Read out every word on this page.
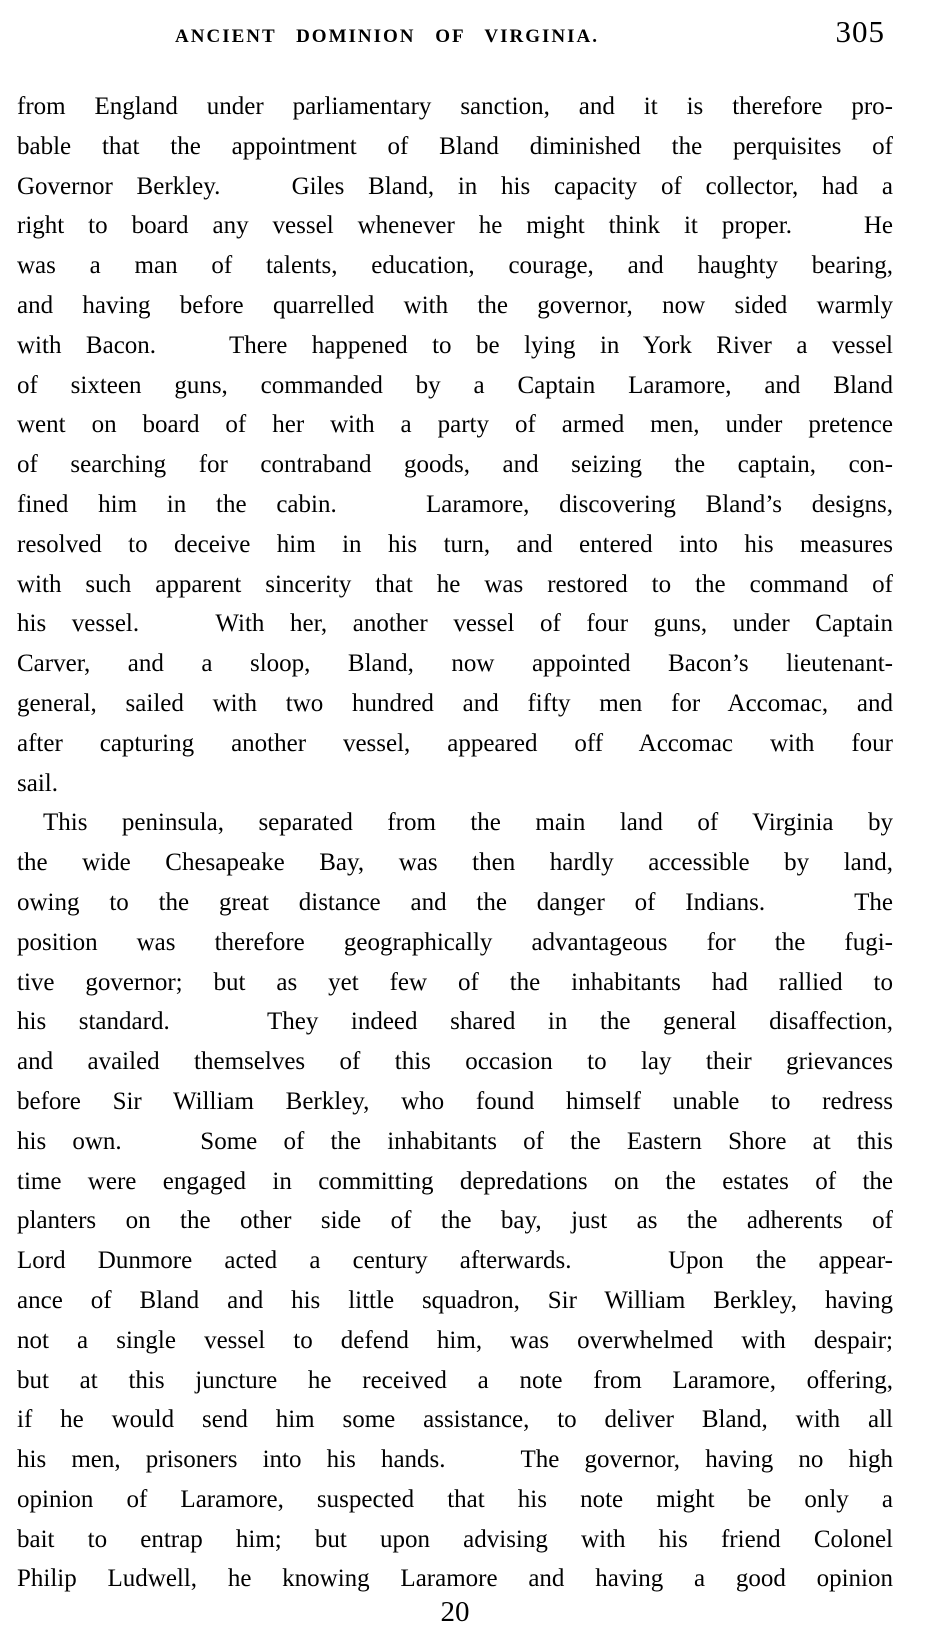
ANCIENT DOMINION OF VIRGINIA.	305
from England under parliamentary sanction, and it is therefore pro-
bable that the appointment of Bland diminished the perquisites of
Governor Berkley.   Giles Bland, in his capacity of collector, had a
right to board any vessel whenever he might think it proper.   He
was a man of talents, education, courage, and haughty bearing,
and having before quarrelled with the governor, now sided warmly
with Bacon.   There happened to be lying in York River a vessel
of sixteen guns, commanded by a Captain Laramore, and Bland
went on board of her with a party of armed men, under pretence
of searching for contraband goods, and seizing the captain, con-
fined him in the cabin.   Laramore, discovering Bland’s designs,
resolved to deceive him in his turn, and entered into his measures
with such apparent sincerity that he was restored to the command of
his vessel.   With her, another vessel of four guns, under Captain
Carver, and a sloop, Bland, now appointed Bacon’s lieutenant-
general, sailed with two hundred and fifty men for Accomac, and
after capturing another vessel, appeared off Accomac with four
sail.
This peninsula, separated from the main land of Virginia by
the wide Chesapeake Bay, was then hardly accessible by land,
owing to the great distance and the danger of Indians.   The
position was therefore geographically advantageous for the fugi-
tive governor; but as yet few of the inhabitants had rallied to
his standard.   They indeed shared in the general disaffection,
and availed themselves of this occasion to lay their grievances
before Sir William Berkley, who found himself unable to redress
his own.   Some of the inhabitants of the Eastern Shore at this
time were engaged in committing depredations on the estates of the
planters on the other side of the bay, just as the adherents of
Lord Dunmore acted a century afterwards.   Upon the appear-
ance of Bland and his little squadron, Sir William Berkley, having
not a single vessel to defend him, was overwhelmed with despair;
but at this juncture he received a note from Laramore, offering,
if he would send him some assistance, to deliver Bland, with all
his men, prisoners into his hands.   The governor, having no high
opinion of Laramore, suspected that his note might be only a
bait to entrap him; but upon advising with his friend Colonel
Philip Ludwell, he knowing Laramore and having a good opinion
20
